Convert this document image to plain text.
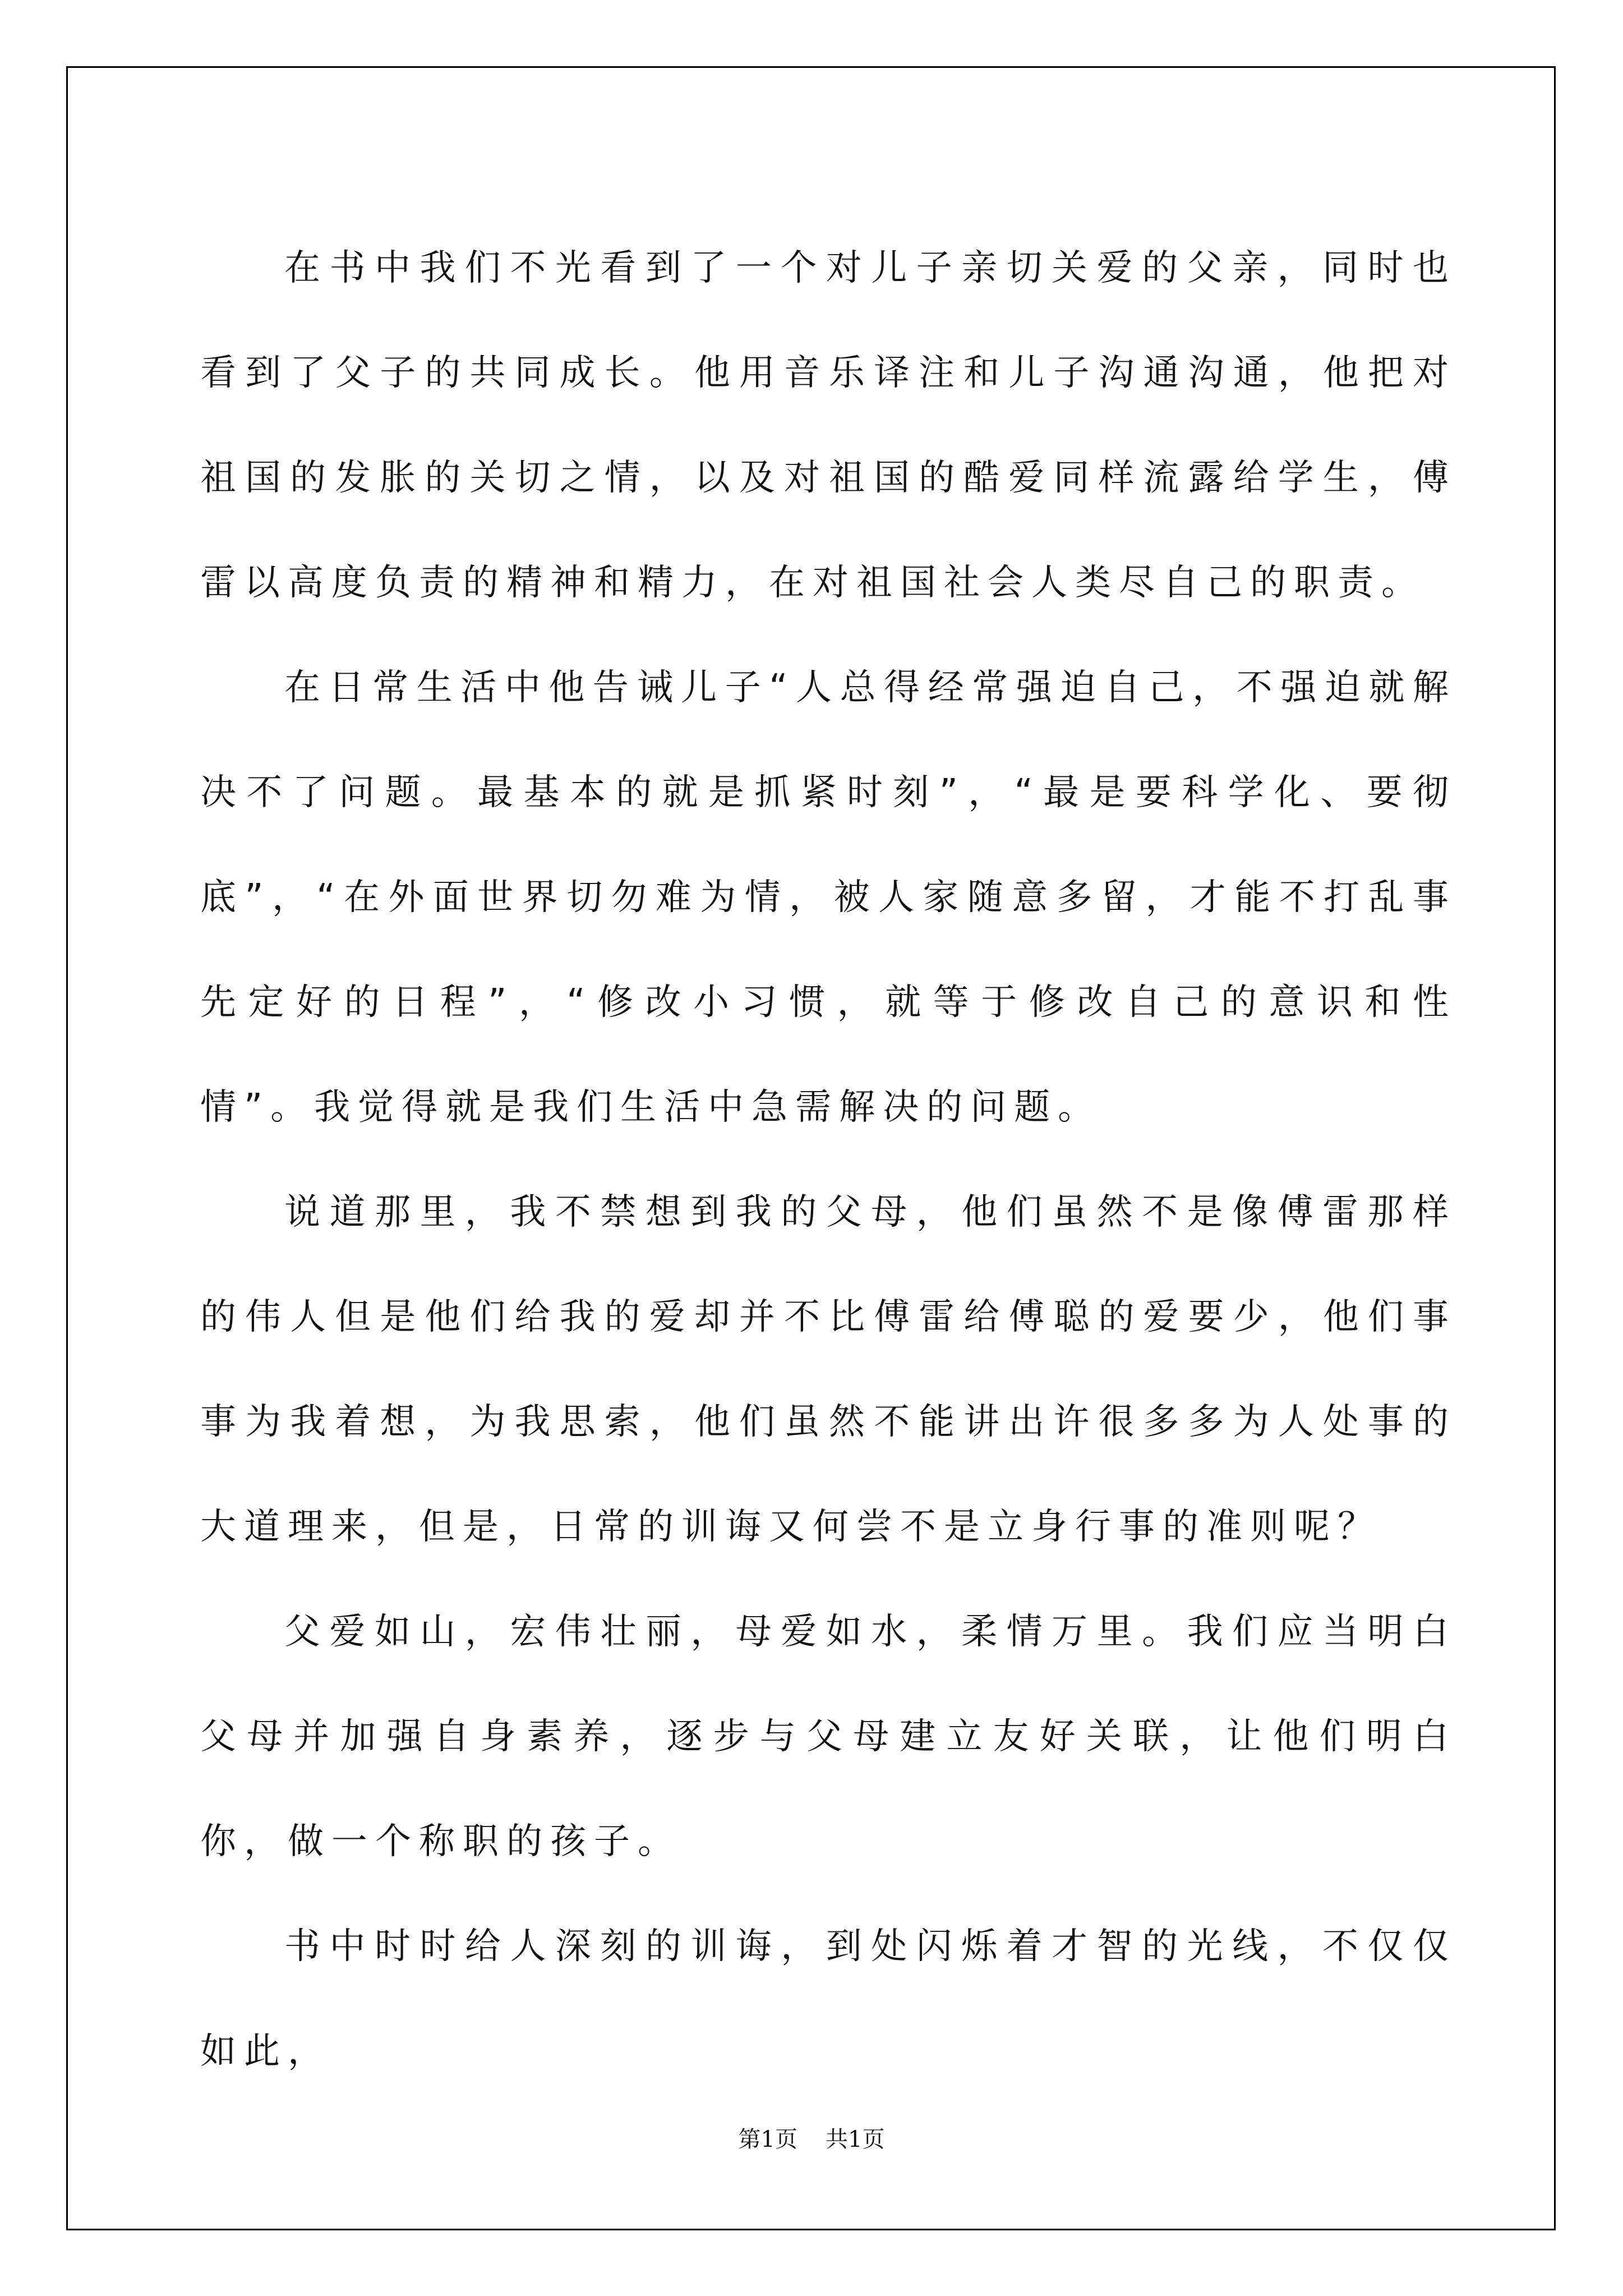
在书中我们不光看到了一个对儿子亲切关爱的父亲，同时也看到了父子的共同成长。他用音乐译注和儿子沟通沟通，他把对祖国的发胀的关切之情，以及对祖国的酷爱同样流露给学生，傅雷以高度负责的精神和精力，在对祖国社会人类尽自己的职责。

在日常生活中他告诫儿子“人总得经常强迫自己，不强迫就解决不了问题。最基本的就是抓紧时刻”，“最是要科学化、要彻底”，“在外面世界切勿难为情，被人家随意多留，才能不打乱事先定好的日程”，“修改小习惯，就等于修改自己的意识和性情”。我觉得就是我们生活中急需解决的问题。

说道那里，我不禁想到我的父母，他们虽然不是像傅雷那样的伟人但是他们给我的爱却并不比傅雷给傅聪的爱要少，他们事事为我着想，为我思索，他们虽然不能讲出许很多多为人处事的大道理来，但是，日常的训诲又何尝不是立身行事的准则呢？

父爱如山，宏伟壮丽，母爱如水，柔情万里。我们应当明白父母并加强自身素养，逐步与父母建立友好关联，让他们明白你，做一个称职的孩子。

书中时时给人深刻的训诲，到处闪烁着才智的光线，不仅仅如此，

第1页 共1页
